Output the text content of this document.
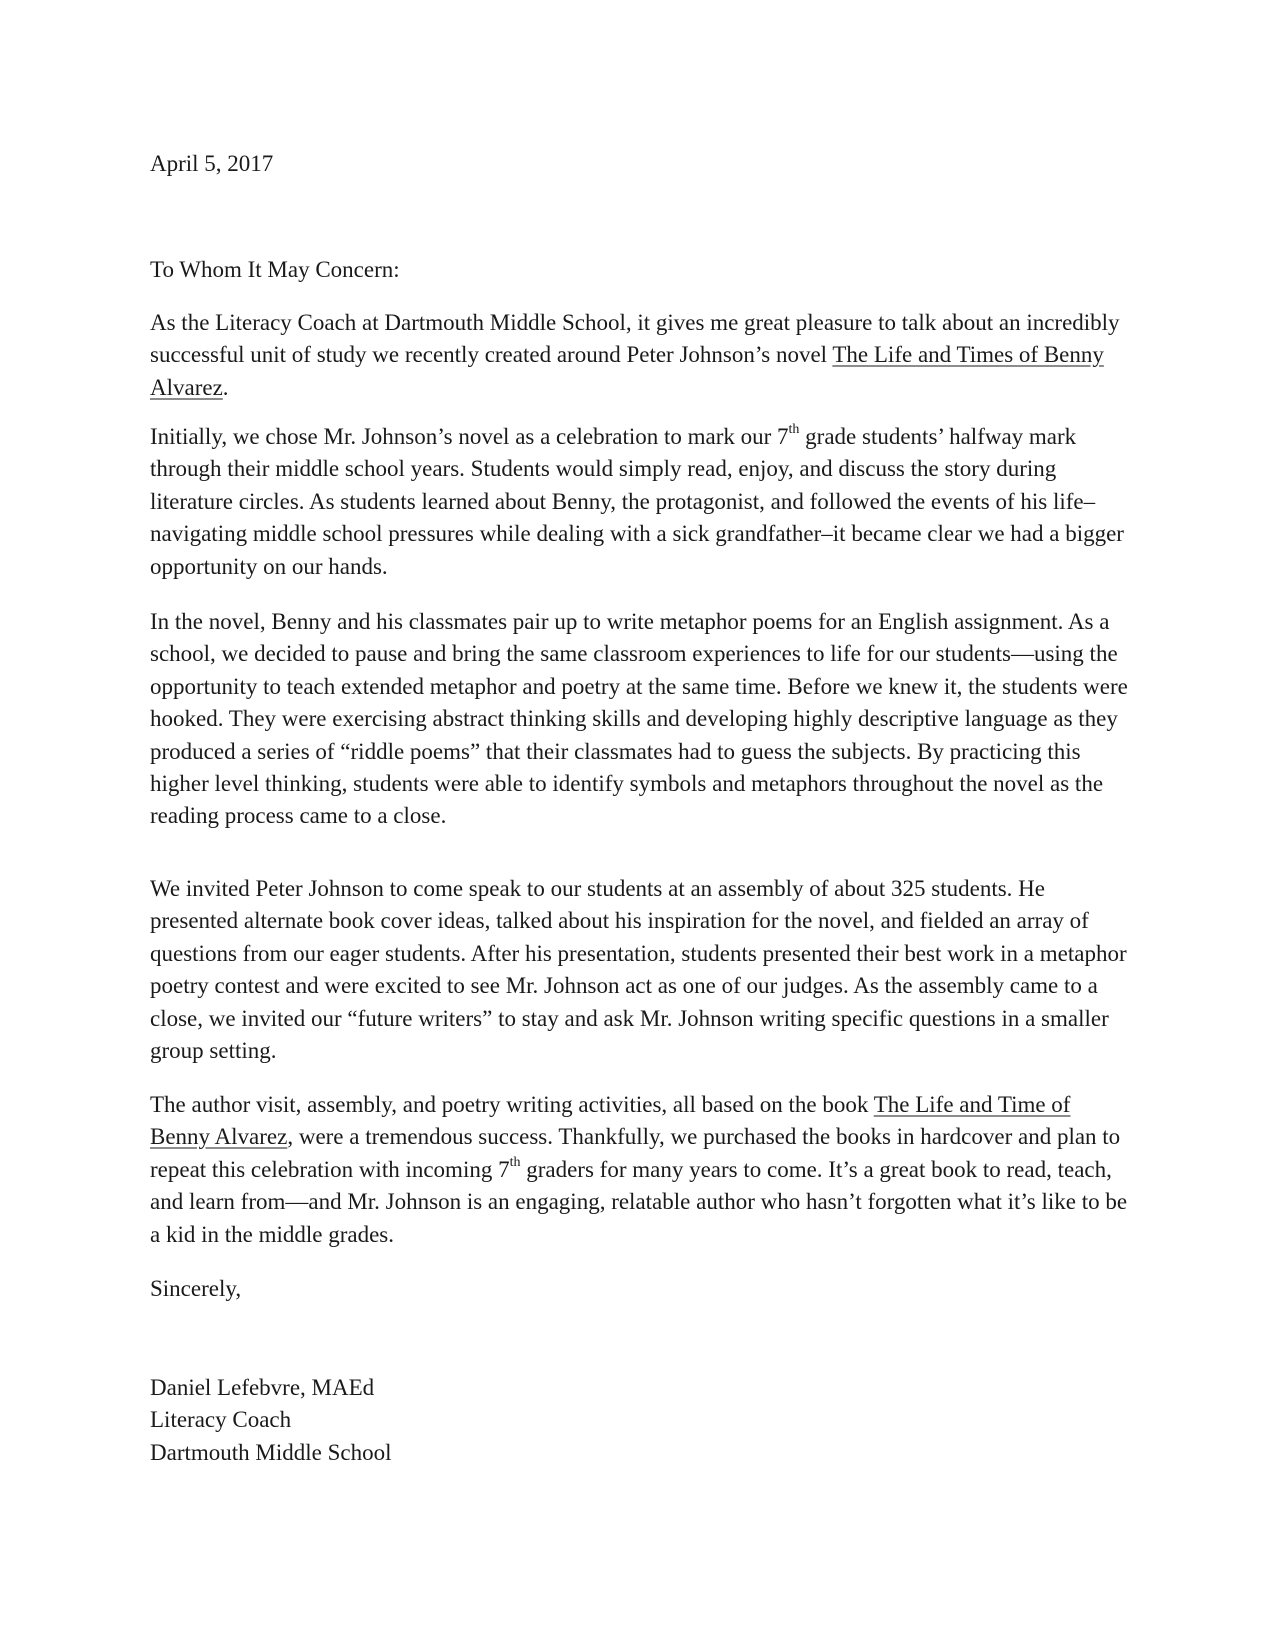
April 5, 2017

To Whom It May Concern:

As the Literacy Coach at Dartmouth Middle School, it gives me great pleasure to talk about an incredibly successful unit of study we recently created around Peter Johnson’s novel The Life and Times of Benny Alvarez.

Initially, we chose Mr. Johnson’s novel as a celebration to mark our 7th grade students’ halfway mark through their middle school years. Students would simply read, enjoy, and discuss the story during literature circles. As students learned about Benny, the protagonist, and followed the events of his life–navigating middle school pressures while dealing with a sick grandfather–it became clear we had a bigger opportunity on our hands.

In the novel, Benny and his classmates pair up to write metaphor poems for an English assignment. As a school, we decided to pause and bring the same classroom experiences to life for our students—using the opportunity to teach extended metaphor and poetry at the same time. Before we knew it, the students were hooked. They were exercising abstract thinking skills and developing highly descriptive language as they produced a series of “riddle poems” that their classmates had to guess the subjects. By practicing this higher level thinking, students were able to identify symbols and metaphors throughout the novel as the reading process came to a close.

We invited Peter Johnson to come speak to our students at an assembly of about 325 students. He presented alternate book cover ideas, talked about his inspiration for the novel, and fielded an array of questions from our eager students. After his presentation, students presented their best work in a metaphor poetry contest and were excited to see Mr. Johnson act as one of our judges. As the assembly came to a close, we invited our “future writers” to stay and ask Mr. Johnson writing specific questions in a smaller group setting.

The author visit, assembly, and poetry writing activities, all based on the book The Life and Time of Benny Alvarez, were a tremendous success. Thankfully, we purchased the books in hardcover and plan to repeat this celebration with incoming 7th graders for many years to come. It’s a great book to read, teach, and learn from—and Mr. Johnson is an engaging, relatable author who hasn’t forgotten what it’s like to be a kid in the middle grades.

Sincerely,

Daniel Lefebvre, MAEd
Literacy Coach
Dartmouth Middle School
